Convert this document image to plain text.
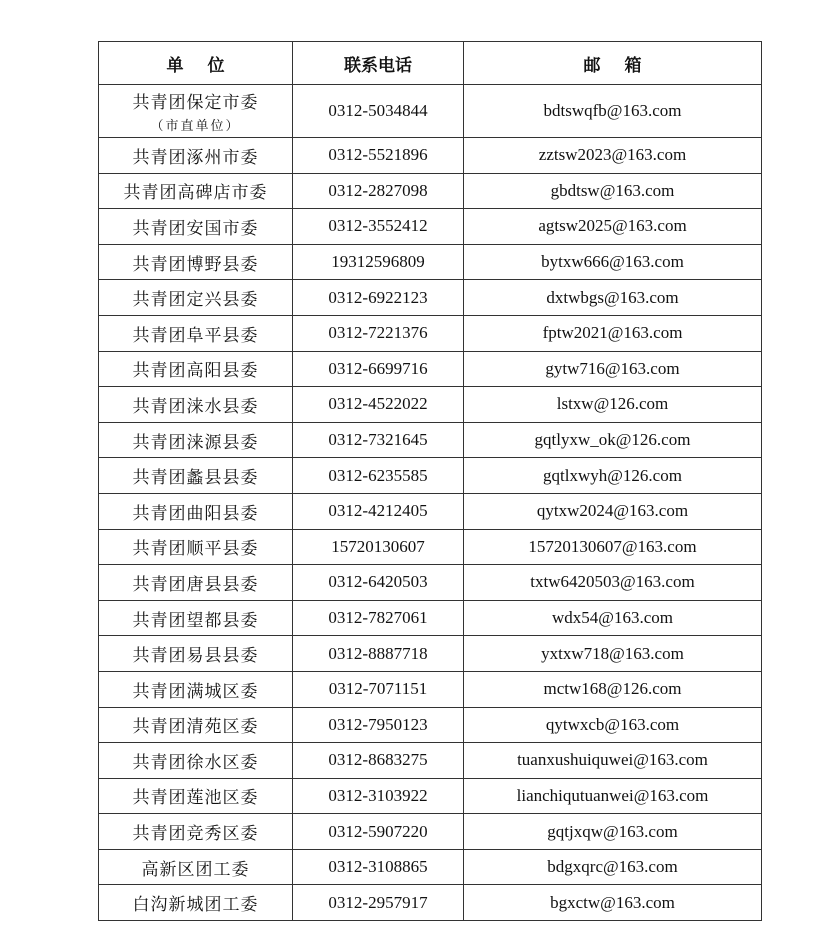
单 位	联系电话	邮 箱
共青团保定市委
（市直单位）	0312-5034844	bdtswqfb@163.com
共青团涿州市委	0312-5521896	zztsw2023@163.com
共青团高碑店市委	0312-2827098	gbdtsw@163.com
共青团安国市委	0312-3552412	agtsw2025@163.com
共青团博野县委	19312596809	bytxw666@163.com
共青团定兴县委	0312-6922123	dxtwbgs@163.com
共青团阜平县委	0312-7221376	fptw2021@163.com
共青团高阳县委	0312-6699716	gytw716@163.com
共青团涞水县委	0312-4522022	lstxw@126.com
共青团涞源县委	0312-7321645	gqtlyxw_ok@126.com
共青团蠡县县委	0312-6235585	gqtlxwyh@126.com
共青团曲阳县委	0312-4212405	qytxw2024@163.com
共青团顺平县委	15720130607	15720130607@163.com
共青团唐县县委	0312-6420503	txtw6420503@163.com
共青团望都县委	0312-7827061	wdx54@163.com
共青团易县县委	0312-8887718	yxtxw718@163.com
共青团满城区委	0312-7071151	mctw168@126.com
共青团清苑区委	0312-7950123	qytwxcb@163.com
共青团徐水区委	0312-8683275	tuanxushuiquwei@163.com
共青团莲池区委	0312-3103922	lianchiqutuanwei@163.com
共青团竞秀区委	0312-5907220	gqtjxqw@163.com
高新区团工委	0312-3108865	bdgxqrc@163.com
白沟新城团工委	0312-2957917	bgxctw@163.com
